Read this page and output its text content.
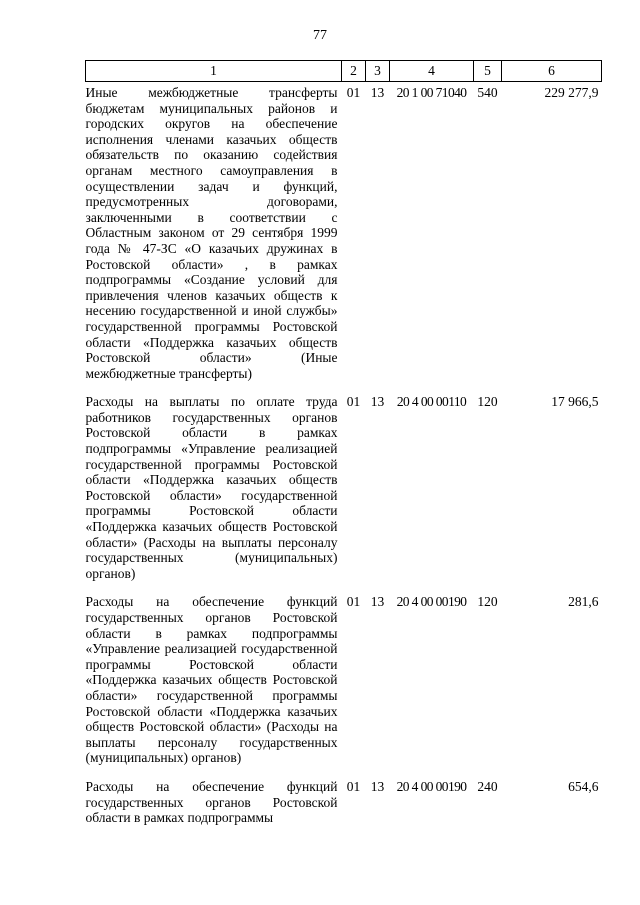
77
1	2	3	4	5	6
Иные межбюджетные трансферты бюджетам муниципальных районов и городских округов на обеспечение исполнения членами казачьих обществ обязательств по оказанию содействия органам местного самоуправления в осуществлении задач и функций, предусмотренных договорами, заключенными в соответствии с Областным законом от 29 сентября 1999 года № 47-ЗС «О казачьих дружинах в Ростовской области» , в рамках подпрограммы «Создание условий для привлечения членов казачьих обществ к несению государственной и иной службы» государственной программы Ростовской области «Поддержка казачьих обществ Ростовской области» (Иные межбюджетные трансферты)	01	13	20 1 00 71040	540	229 277,9
Расходы на выплаты по оплате труда работников государственных органов Ростовской области в рамках подпрограммы «Управление реализацией государственной программы Ростовской области «Поддержка казачьих обществ Ростовской области» государственной программы Ростовской области «Поддержка казачьих обществ Ростовской области» (Расходы на выплаты персоналу государственных (муниципальных) органов)	01	13	20 4 00 00110	120	17 966,5
Расходы на обеспечение функций государственных органов Ростовской области в рамках подпрограммы «Управление реализацией государственной программы Ростовской области «Поддержка казачьих обществ Ростовской области» государственной программы Ростовской области «Поддержка казачьих обществ Ростовской области» (Расходы на выплаты персоналу государственных (муниципальных) органов)	01	13	20 4 00 00190	120	281,6
Расходы на обеспечение функций государственных органов Ростовской области в рамках подпрограммы	01	13	20 4 00 00190	240	654,6
